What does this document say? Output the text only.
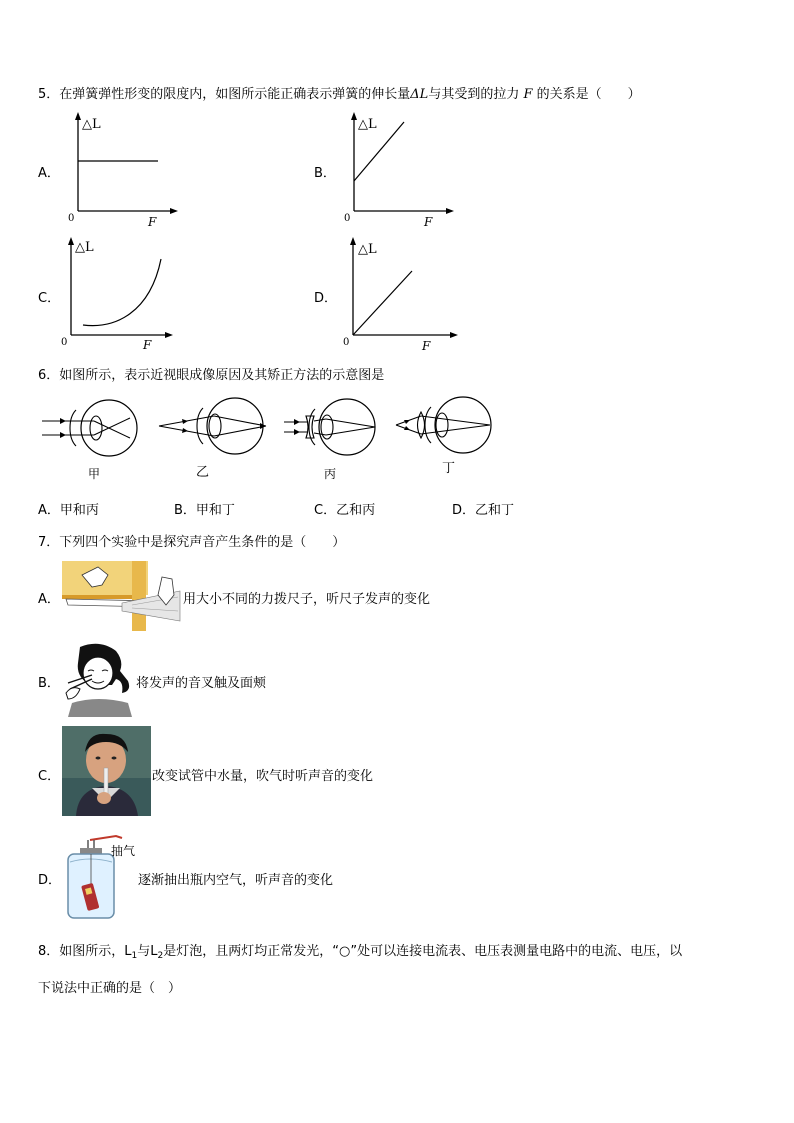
5．在弹簧弹性形变的限度内，如图所示能正确表示弹簧的伸长量ΔL与其受到的拉力 F 的关系是（　　）
A．	B．
C．	D．
△L
F
0
△L
F
0
△L
F
0
△L
F
0
6．如图所示，表示近视眼成像原因及其矫正方法的示意图是
甲	乙	丙	丁
A．甲和丙	B．甲和丁	C．乙和丙	D．乙和丁
7．下列四个实验中是探究声音产生条件的是（　　）
A．	用大小不同的力拨尺子，听尺子发声的变化
B．	将发声的音叉触及面颊
C．	改变试管中水量，吹气时听声音的变化
D．
抽气
逐渐抽出瓶内空气，听声音的变化
8．如图所示，$L_1$与$L_2$是灯泡，且两灯均正常发光，“○”处可以连接电流表、电压表测量电路中的电流、电压，以
下说法中正确的是（　）
